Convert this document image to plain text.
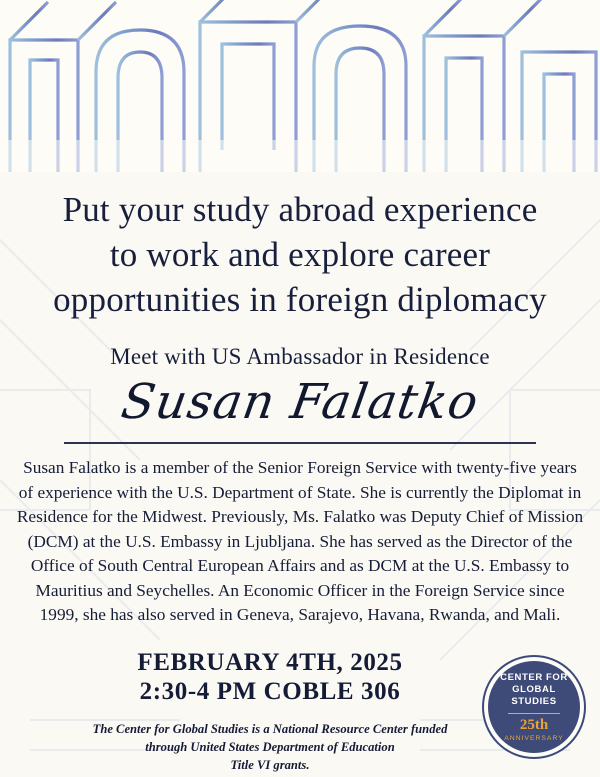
Put your study abroad experience
to work and explore career
opportunities in foreign diplomacy
Meet with US Ambassador in Residence
Susan Falatko

Susan Falatko is a member of the Senior Foreign Service with twenty-five years of experience with the U.S. Department of State. She is currently the Diplomat in Residence for the Midwest. Previously, Ms. Falatko was Deputy Chief of Mission (DCM) at the U.S. Embassy in Ljubljana. She has served as the Director of the Office of South Central European Affairs and as DCM at the U.S. Embassy to Mauritius and Seychelles. An Economic Officer in the Foreign Service since 1999, she has also served in Geneva, Sarajevo, Havana, Rwanda, and Mali.

FEBRUARY 4TH, 2025
2:30-4 PM COBLE 306
The Center for Global Studies is a National Resource Center funded
through United States Department of Education
Title VI grants.
CENTER FOR
GLOBAL STUDIES
25th
ANNIVERSARY
